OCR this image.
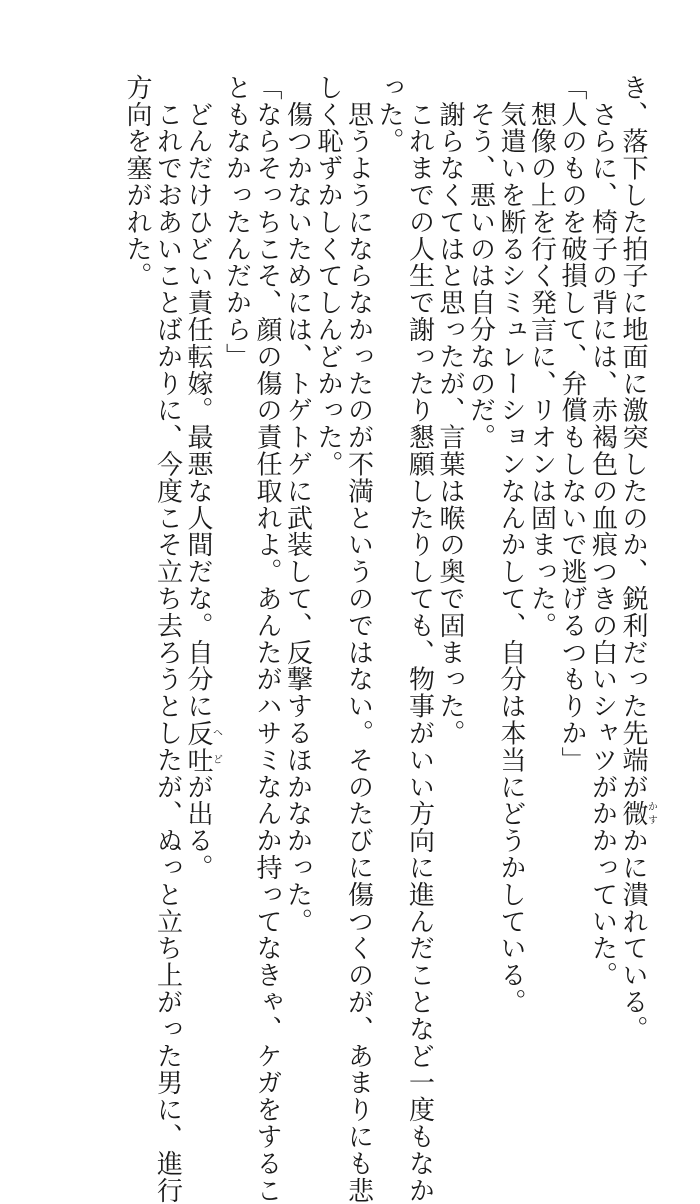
き、落下した拍子に地面に激突したのか、鋭利だった先端が微かすかに潰れている。
　さらに、椅子の背には、赤褐色の血痕つきの白いシャツがかかっていた。
「人のものを破損して、弁償もしないで逃げるつもりか」
　想像の上を行く発言に、リオンは固まった。
　気遣いを断るシミュレーションなんかして、自分は本当にどうかしている。
　そう、悪いのは自分なのだ。
　謝らなくてはと思ったが、言葉は喉の奥で固まった。
　これまでの人生で謝ったり懇願したりしても、物事がいい方向に進んだことなど一度もなか
った。
　思うようにならなかったのが不満というのではない。そのたびに傷つくのが、あまりにも悲
しく恥ずかしくてしんどかった。
　傷つかないためには、トゲトゲに武装して、反撃するほかなかった。
「ならそっちこそ、顔の傷の責任取れよ。あんたがハサミなんか持ってなきゃ、ケガをするこ
ともなかったんだから」
　どんだけひどい責任転嫁。最悪な人間だな。自分に反吐へどが出る。
　これでおあいことばかりに、今度こそ立ち去ろうとしたが、ぬっと立ち上がった男に、進行
方向を塞がれた。
